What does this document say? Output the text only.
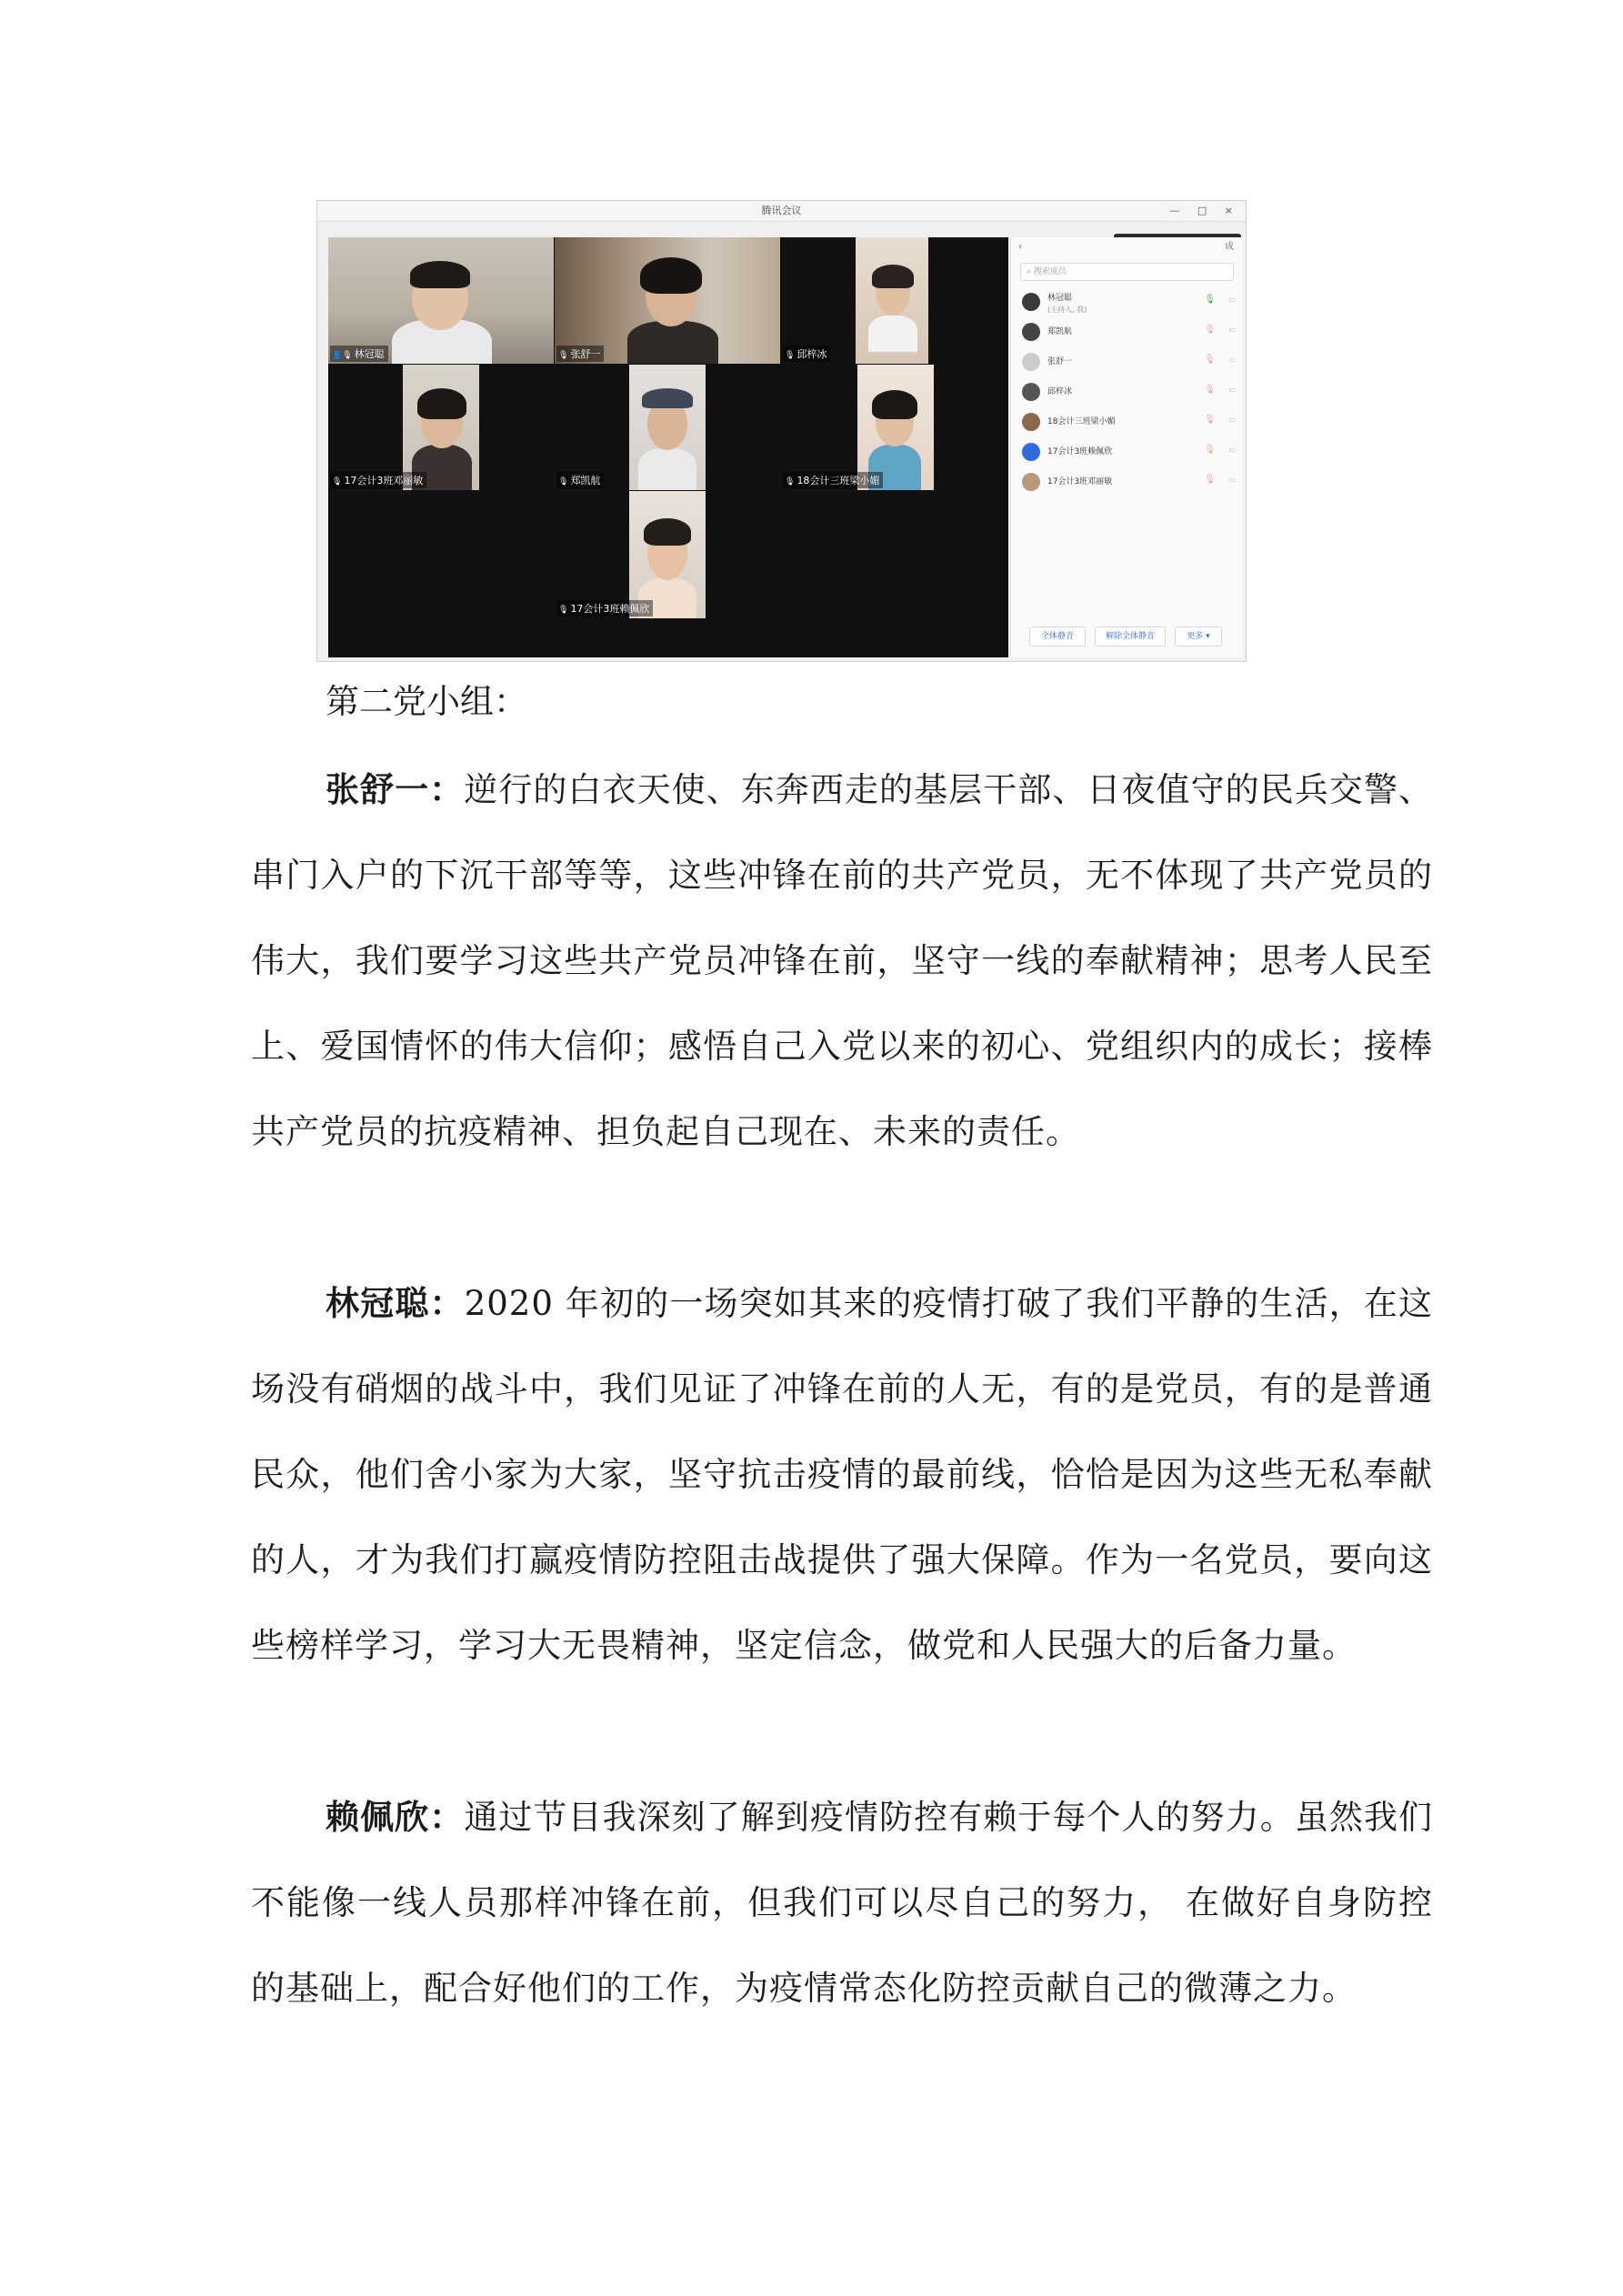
腾讯会议	— □ ×
👤🎙 林冠聪	🎙 张舒一	🎙 邱梓冰
🎙 17会计3班邓丽敏	🎙 郑凯航	🎙 18会计三班梁小媚
🎙 17会计3班赖佩欣
‹	成
⌕ 搜索成员
林冠聪
(主持人, 我)
🎙 ▭
郑凯航	🎙 ▭
张舒一	🎙 ▭
邱梓冰	🎙 ▭
18会计三班梁小媚	🎙 ▭
17会计3班赖佩欣	🎙 ▭
17会计3班邓丽敏	🎙 ▭
全体静音	解除全体静音	更多 ▾

第二党小组：

张舒一：逆行的白衣天使、东奔西走的基层干部、日夜值守的民兵交警、串门入户的下沉干部等等，这些冲锋在前的共产党员，无不体现了共产党员的伟大，我们要学习这些共产党员冲锋在前，坚守一线的奉献精神；思考人民至上、爱国情怀的伟大信仰；感悟自己入党以来的初心、党组织内的成长；接棒共产党员的抗疫精神、担负起自己现在、未来的责任。

林冠聪：2020 年初的一场突如其来的疫情打破了我们平静的生活，在这场没有硝烟的战斗中，我们见证了冲锋在前的人无，有的是党员，有的是普通民众，他们舍小家为大家，坚守抗击疫情的最前线，恰恰是因为这些无私奉献的人，才为我们打赢疫情防控阻击战提供了强大保障。作为一名党员，要向这些榜样学习，学习大无畏精神，坚定信念，做党和人民强大的后备力量。

赖佩欣：通过节目我深刻了解到疫情防控有赖于每个人的努力。虽然我们不能像一线人员那样冲锋在前，但我们可以尽自己的努力， 在做好自身防控的基础上，配合好他们的工作，为疫情常态化防控贡献自己的微薄之力。
